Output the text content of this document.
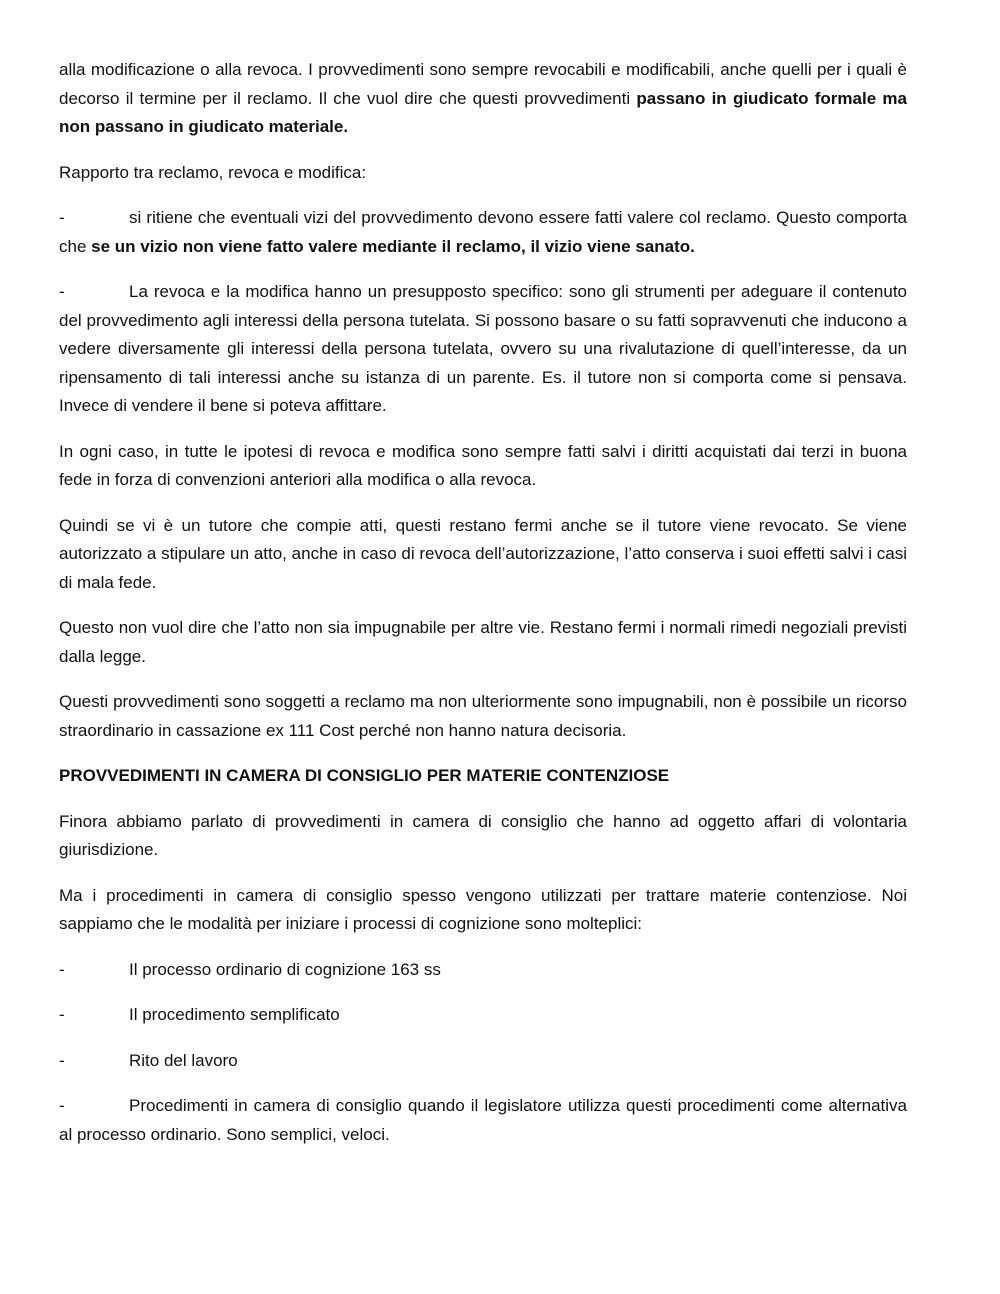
alla modificazione o alla revoca. I provvedimenti sono sempre revocabili e modificabili, anche quelli per i quali è decorso il termine per il reclamo. Il che vuol dire che questi provvedimenti passano in giudicato formale ma non passano in giudicato materiale.

Rapporto tra reclamo, revoca e modifica:

-	si ritiene che eventuali vizi del provvedimento devono essere fatti valere col reclamo. Questo comporta che se un vizio non viene fatto valere mediante il reclamo, il vizio viene sanato.

-	La revoca e la modifica hanno un presupposto specifico: sono gli strumenti per adeguare il contenuto del provvedimento agli interessi della persona tutelata. Si possono basare o su fatti sopravvenuti che inducono a vedere diversamente gli interessi della persona tutelata, ovvero su una rivalutazione di quell’interesse, da un ripensamento di tali interessi anche su istanza di un parente. Es. il tutore non si comporta come si pensava. Invece di vendere il bene si poteva affittare.

In ogni caso, in tutte le ipotesi di revoca e modifica sono sempre fatti salvi i diritti acquistati dai terzi in buona fede in forza di convenzioni anteriori alla modifica o alla revoca.

Quindi se vi è un tutore che compie atti, questi restano fermi anche se il tutore viene revocato. Se viene autorizzato a stipulare un atto, anche in caso di revoca dell’autorizzazione, l’atto conserva i suoi effetti salvi i casi di mala fede.

Questo non vuol dire che l’atto non sia impugnabile per altre vie. Restano fermi i normali rimedi negoziali previsti dalla legge.

Questi provvedimenti sono soggetti a reclamo ma non ulteriormente sono impugnabili, non è possibile un ricorso straordinario in cassazione ex 111 Cost perché non hanno natura decisoria.

PROVVEDIMENTI IN CAMERA DI CONSIGLIO PER MATERIE CONTENZIOSE

Finora abbiamo parlato di provvedimenti in camera di consiglio che hanno ad oggetto affari di volontaria giurisdizione.

Ma i procedimenti in camera di consiglio spesso vengono utilizzati per trattare materie contenziose. Noi sappiamo che le modalità per iniziare i processi di cognizione sono molteplici:

-	Il processo ordinario di cognizione 163 ss

-	Il procedimento semplificato

-	Rito del lavoro

-	Procedimenti in camera di consiglio quando il legislatore utilizza questi procedimenti come alternativa al processo ordinario. Sono semplici, veloci.
